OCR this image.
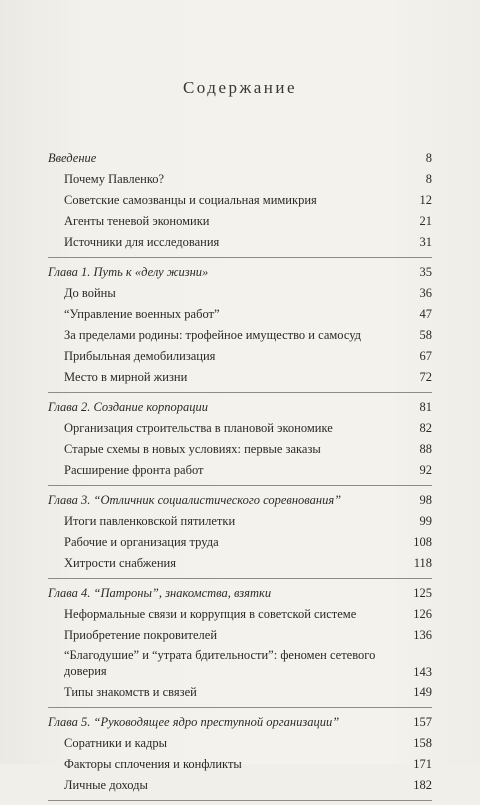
Содержание
Введение	8
Почему Павленко?	8
Советские самозванцы и социальная мимикрия	12
Агенты теневой экономики	21
Источники для исследования	31
Глава 1. Путь к «делу жизни»	35
До войны	36
“Управление военных работ”	47
За пределами родины: трофейное имущество и самосуд	58
Прибыльная демобилизация	67
Место в мирной жизни	72
Глава 2. Создание корпорации	81
Организация строительства в плановой экономике	82
Старые схемы в новых условиях: первые заказы	88
Расширение фронта работ	92
Глава 3. “Отличник социалистического соревнования”	98
Итоги павленковской пятилетки	99
Рабочие и организация труда	108
Хитрости снабжения	118
Глава 4. “Патроны”, знакомства, взятки	125
Неформальные связи и коррупция в советской системе	126
Приобретение покровителей	136
“Благодушие” и “утрата бдительности”: феномен сетевого доверия	143
Типы знакомств и связей	149
Глава 5. “Руководящее ядро преступной организации”	157
Соратники и кадры	158
Факторы сплочения и конфликты	171
Личные доходы	182
